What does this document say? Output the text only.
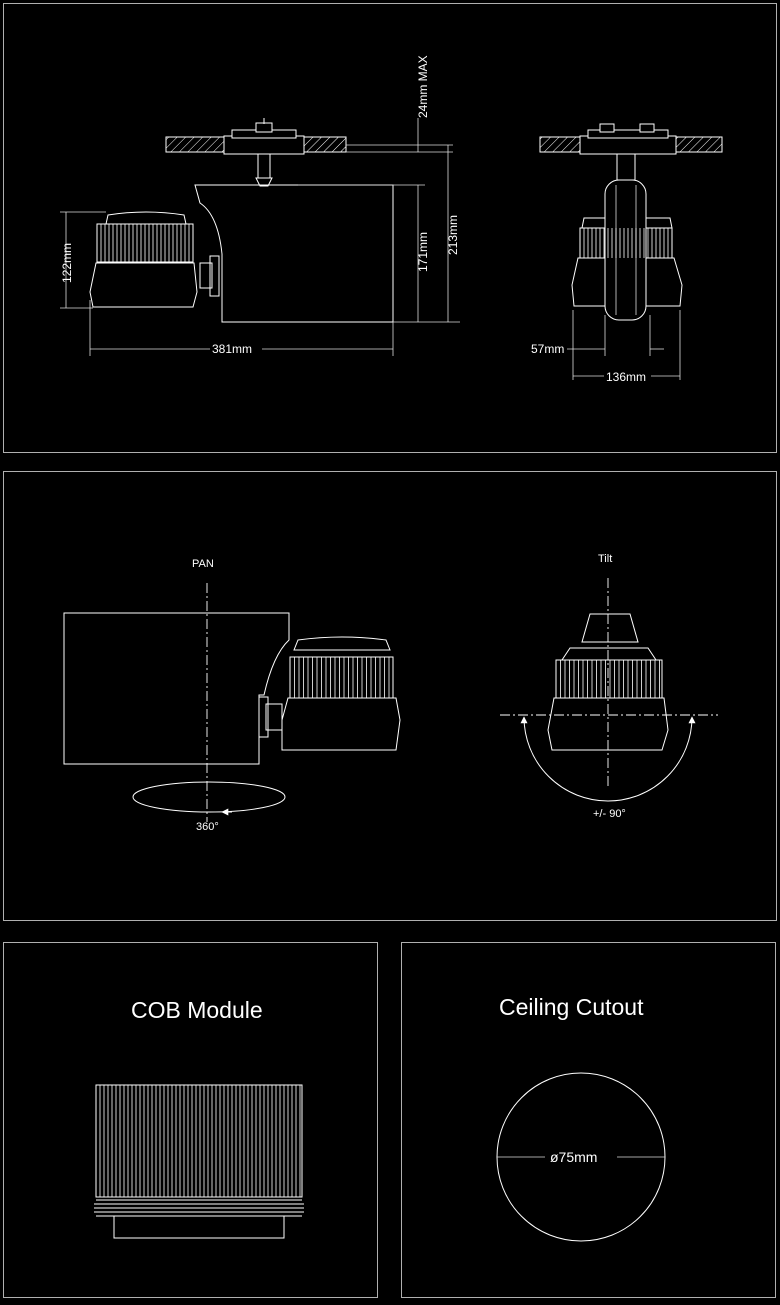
24mm MAX
213mm
171mm
122mm
381mm	57mm
136mm
PAN
360°
Tilt
+/- 90°
COB Module	Ceiling Cutout
ø75mm
